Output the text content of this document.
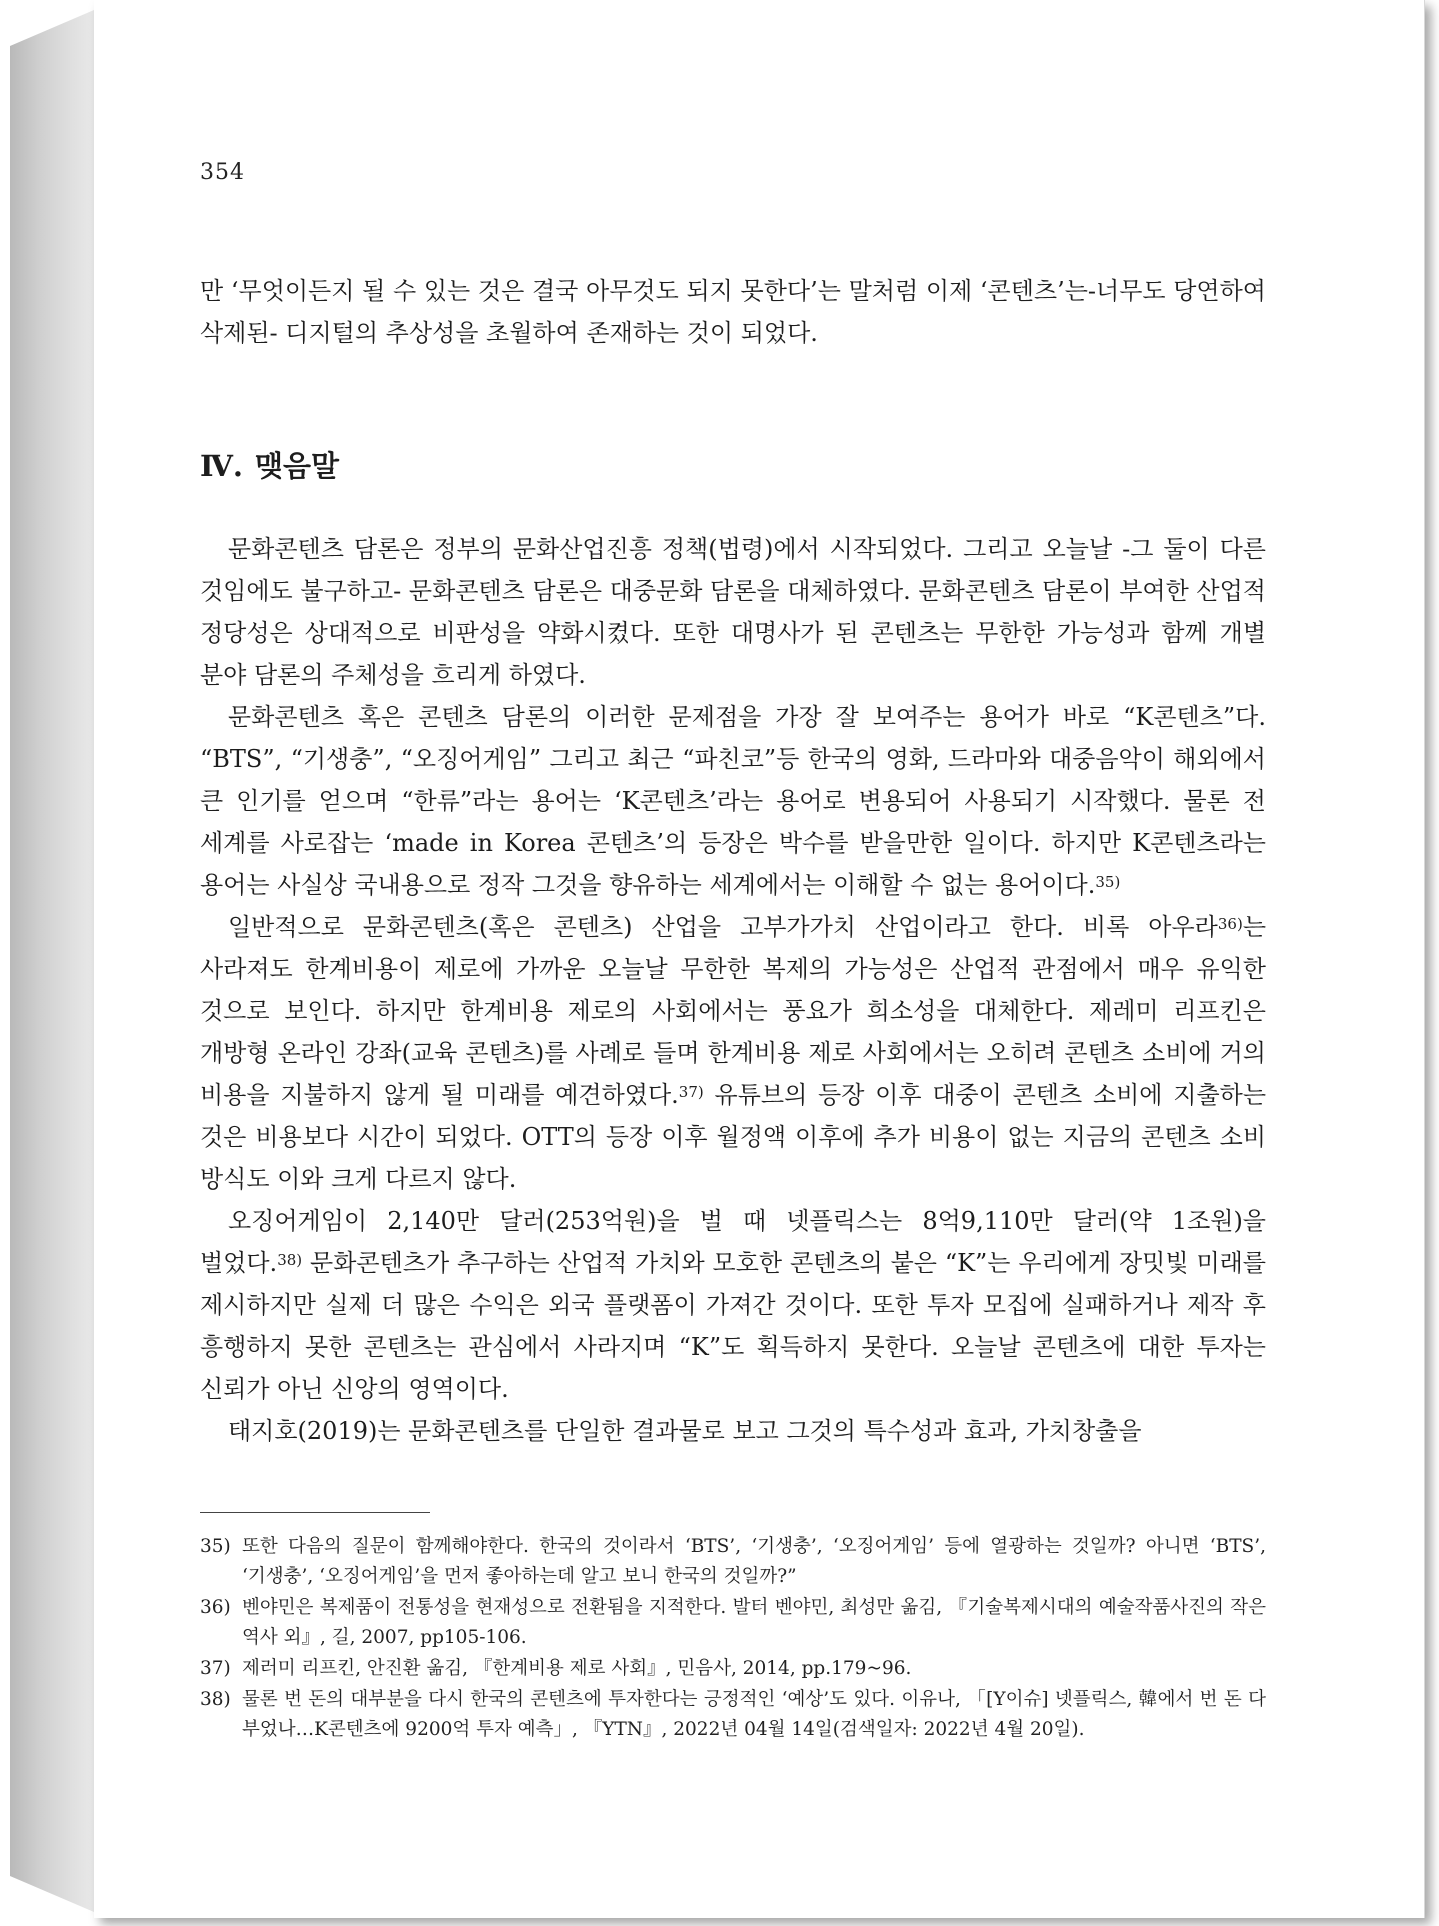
354

만 ‘무엇이든지 될 수 있는 것은 결국 아무것도 되지 못한다’는 말처럼 이제 ‘콘텐츠’는-너무도 당연하여 삭제된- 디지털의 추상성을 초월하여 존재하는 것이 되었다.

Ⅳ. 맺음말

문화콘텐츠 담론은 정부의 문화산업진흥 정책(법령)에서 시작되었다. 그리고 오늘날 -그 둘이 다른 것임에도 불구하고- 문화콘텐츠 담론은 대중문화 담론을 대체하였다. 문화콘텐츠 담론이 부여한 산업적 정당성은 상대적으로 비판성을 약화시켰다. 또한 대명사가 된 콘텐츠는 무한한 가능성과 함께 개별 분야 담론의 주체성을 흐리게 하였다.

문화콘텐츠 혹은 콘텐츠 담론의 이러한 문제점을 가장 잘 보여주는 용어가 바로 “K콘텐츠”다. “BTS”, “기생충”, “오징어게임” 그리고 최근 “파친코”등 한국의 영화, 드라마와 대중음악이 해외에서 큰 인기를 얻으며 “한류”라는 용어는 ‘K콘텐츠’라는 용어로 변용되어 사용되기 시작했다. 물론 전 세계를 사로잡는 ‘made in Korea 콘텐츠’의 등장은 박수를 받을만한 일이다. 하지만 K콘텐츠라는 용어는 사실상 국내용으로 정작 그것을 향유하는 세계에서는 이해할 수 없는 용어이다.$^{35)}$

일반적으로 문화콘텐츠(혹은 콘텐츠) 산업을 고부가가치 산업이라고 한다. 비록 아우라$^{36)}$는 사라져도 한계비용이 제로에 가까운 오늘날 무한한 복제의 가능성은 산업적 관점에서 매우 유익한 것으로 보인다. 하지만 한계비용 제로의 사회에서는 풍요가 희소성을 대체한다. 제레미 리프킨은 개방형 온라인 강좌(교육 콘텐츠)를 사례로 들며 한계비용 제로 사회에서는 오히려 콘텐츠 소비에 거의 비용을 지불하지 않게 될 미래를 예견하였다.$^{37)}$ 유튜브의 등장 이후 대중이 콘텐츠 소비에 지출하는 것은 비용보다 시간이 되었다. OTT의 등장 이후 월정액 이후에 추가 비용이 없는 지금의 콘텐츠 소비 방식도 이와 크게 다르지 않다.

오징어게임이 2,140만 달러(253억원)을 벌 때 넷플릭스는 8억9,110만 달러(약 1조원)을 벌었다.$^{38)}$ 문화콘텐츠가 추구하는 산업적 가치와 모호한 콘텐츠의 붙은 “K”는 우리에게 장밋빛 미래를 제시하지만 실제 더 많은 수익은 외국 플랫폼이 가져간 것이다. 또한 투자 모집에 실패하거나 제작 후 흥행하지 못한 콘텐츠는 관심에서 사라지며 “K”도 획득하지 못한다. 오늘날 콘텐츠에 대한 투자는 신뢰가 아닌 신앙의 영역이다.

태지호(2019)는 문화콘텐츠를 단일한 결과물로 보고 그것의 특수성과 효과, 가치창출을

35) 또한 다음의 질문이 함께해야한다. 한국의 것이라서 ‘BTS’, ‘기생충’, ‘오징어게임’ 등에 열광하는 것일까? 아니면 ‘BTS’, ‘기생충’, ‘오징어게임’을 먼저 좋아하는데 알고 보니 한국의 것일까?”
36) 벤야민은 복제품이 전통성을 현재성으로 전환됨을 지적한다. 발터 벤야민, 최성만 옮김, 『기술복제시대의 예술작품사진의 작은 역사 외』, 길, 2007, pp105-106.
37) 제러미 리프킨, 안진환 옮김, 『한계비용 제로 사회』, 민음사, 2014, pp.179~96.
38) 물론 번 돈의 대부분을 다시 한국의 콘텐츠에 투자한다는 긍정적인 ‘예상’도 있다. 이유나, 「[Y이슈] 넷플릭스, 韓에서 번 돈 다 부었나…K콘텐츠에 9200억 투자 예측」, 『YTN』, 2022년 04월 14일(검색일자: 2022년 4월 20일).
